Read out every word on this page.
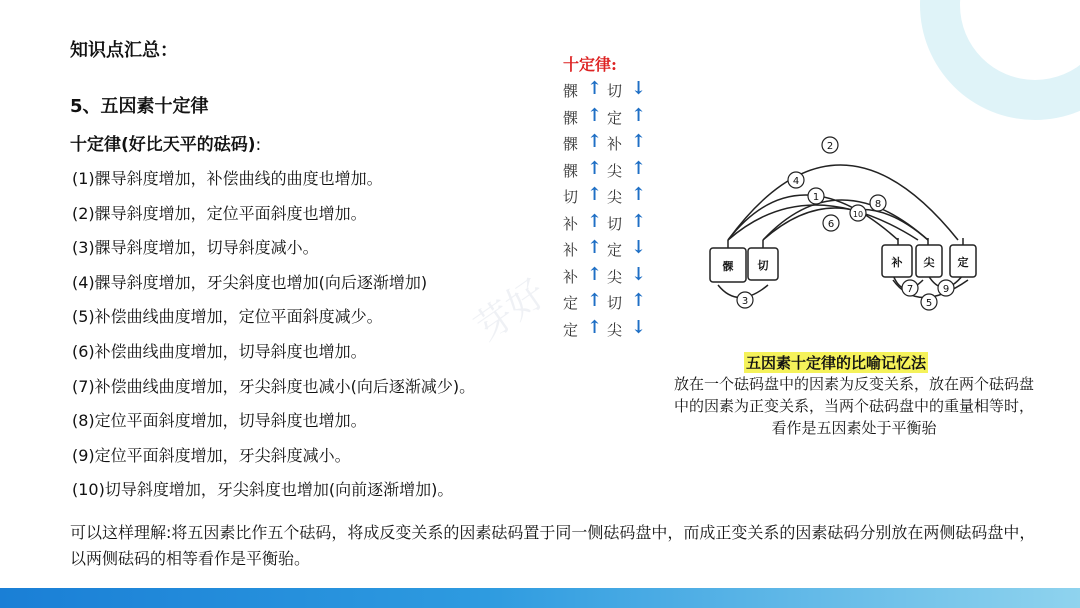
知识点汇总：
5、五因素十定律
十定律(好比天平的砝码):
(1)髁导斜度增加，补偿曲线的曲度也增加。
(2)髁导斜度增加，定位平面斜度也增加。
(3)髁导斜度增加，切导斜度减小。
(4)髁导斜度增加，牙尖斜度也增加(向后逐渐增加)
(5)补偿曲线曲度增加，定位平面斜度减少。
(6)补偿曲线曲度增加，切导斜度也增加。
(7)补偿曲线曲度增加，牙尖斜度也减小(向后逐渐减少)。
(8)定位平面斜度增加，切导斜度也增加。
(9)定位平面斜度增加，牙尖斜度减小。
(10)切导斜度增加，牙尖斜度也增加(向前逐渐增加)。
可以这样理解:将五因素比作五个砝码，将成反变关系的因素砝码置于同一侧砝码盘中，而成正变关系的因素砝码分别放在两侧砝码盘中，以两侧砝码的相等看作是平衡骀。
芽好
十定律:
髁 ↑ 切 ↓
髁 ↑ 定 ↑
髁 ↑ 补 ↑
髁 ↑ 尖 ↑
切 ↑ 尖 ↑
补 ↑ 切 ↑
补 ↑ 定 ↓
补 ↑ 尖 ↓
定 ↑ 切 ↑
定 ↑ 尖 ↓
髁 切	补 尖 定
2
4
1
8
10
6
3
7	9
5
五因素十定律的比喻记忆法
放在一个砝码盘中的因素为反变关系，放在两个砝码盘中的因素为正变关系，当两个砝码盘中的重量相等时，看作是五因素处于平衡骀
